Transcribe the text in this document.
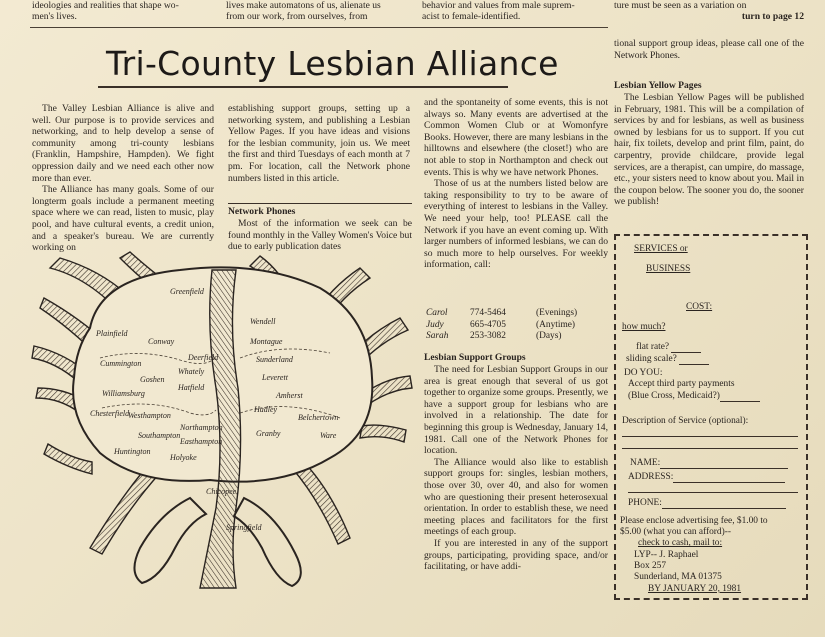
ideologies and realities that shape wo-
men's lives.
lives make automatons of us, alienate us
from our work, from ourselves, from
behavior and values from male suprem-
acist to female-identified.
ture must be seen as a variation on
turn to page 12
Tri-County Lesbian Alliance

The Valley Lesbian Alliance is alive and well. Our purpose is to provide services and networking, and to help develop a sense of community among tri-county lesbians (Franklin, Hampshire, Hampden). We fight oppression daily and we need each other now more than ever.

The Alliance has many goals. Some of our longterm goals include a permanent meeting space where we can read, listen to music, play pool, and have cultural events, a credit union, and a speaker's bureau. We are currently working on

establishing support groups, setting up a networking system, and publishing a Lesbian Yellow Pages. If you have ideas and visions for the lesbian community, join us. We meet the first and third Tuesdays of each month at 7 pm. For location, call the Network phone numbers listed in this article.

Network Phones

Most of the information we seek can be found monthly in the Valley Women's Voice but due to early publication dates

and the spontaneity of some events, this is not always so. Many events are advertised at the Common Women Club or at Womonfyre Books. However, there are many lesbians in the hilltowns and elsewhere (the closet!) who are not able to stop in Northampton and check out events. This is why we have network Phones.

Those of us at the numbers listed below are taking responsibility to try to be aware of everything of interest to lesbians in the Valley. We need your help, too! PLEASE call the Network if you have an event coming up. With larger numbers of informed lesbians, we can do so much more to help ourselves. For weekly information, call:

Carol	774-5464	(Evenings)
Judy	665-4705	(Anytime)
Sarah	253-3082	(Days)
Lesbian Support Groups

The need for Lesbian Support Groups in our area is great enough that several of us got together to organize some groups. Presently, we have a support group for lesbians who are involved in a relationship. The date for beginning this group is Wednesday, January 14, 1981. Call one of the Network Phones for location.

The Alliance would also like to establish support groups for: singles, lesbian mothers, those over 30, over 40, and also for women who are questioning their present heterosexual orientation. In order to establish these, we need meeting places and facilitators for the first meetings of each group.

If you are interested in any of the support groups, participating, providing space, and/or facilitating, or have addi-

tional support group ideas, please call one of the Network Phones.

Lesbian Yellow Pages

The Lesbian Yellow Pages will be published in February, 1981. This will be a compilation of services by and for lesbians, as well as business owned by lesbians for us to support. If you cut hair, fix toilets, develop and print film, paint, do carpentry, provide childcare, provide legal services, are a therapist, can umpire, do massage, etc., your sisters need to know about you. Mail in the coupon below. The sooner you do, the sooner we publish!

SERVICES or
BUSINESS
COST:
how much?
flat rate?
sliding scale?
DO YOU:
Accept third party payments
(Blue Cross, Medicaid?)
Description of Service (optional):
NAME:
ADDRESS:
PHONE:
Please enclose advertising fee, $1.00 to
$5.00 (what you can afford)--
check to cash, mail to:
LYP-- J. Raphael
Box 257
Sunderland, MA 01375
BY JANUARY 20, 1981
Greenfield
Wendell
Montague
Plainfield
Conway
Deerfield	Sunderland
Leverett
Cummington
Goshen
Whately
Williamsburg
Hatfield
Hadley
Amherst
Belchertown
Chesterfield
Westhampton
Northampton
Easthampton
Granby	Ware
Huntington
Holyoke
Springfield
Chicopee
Southampton
